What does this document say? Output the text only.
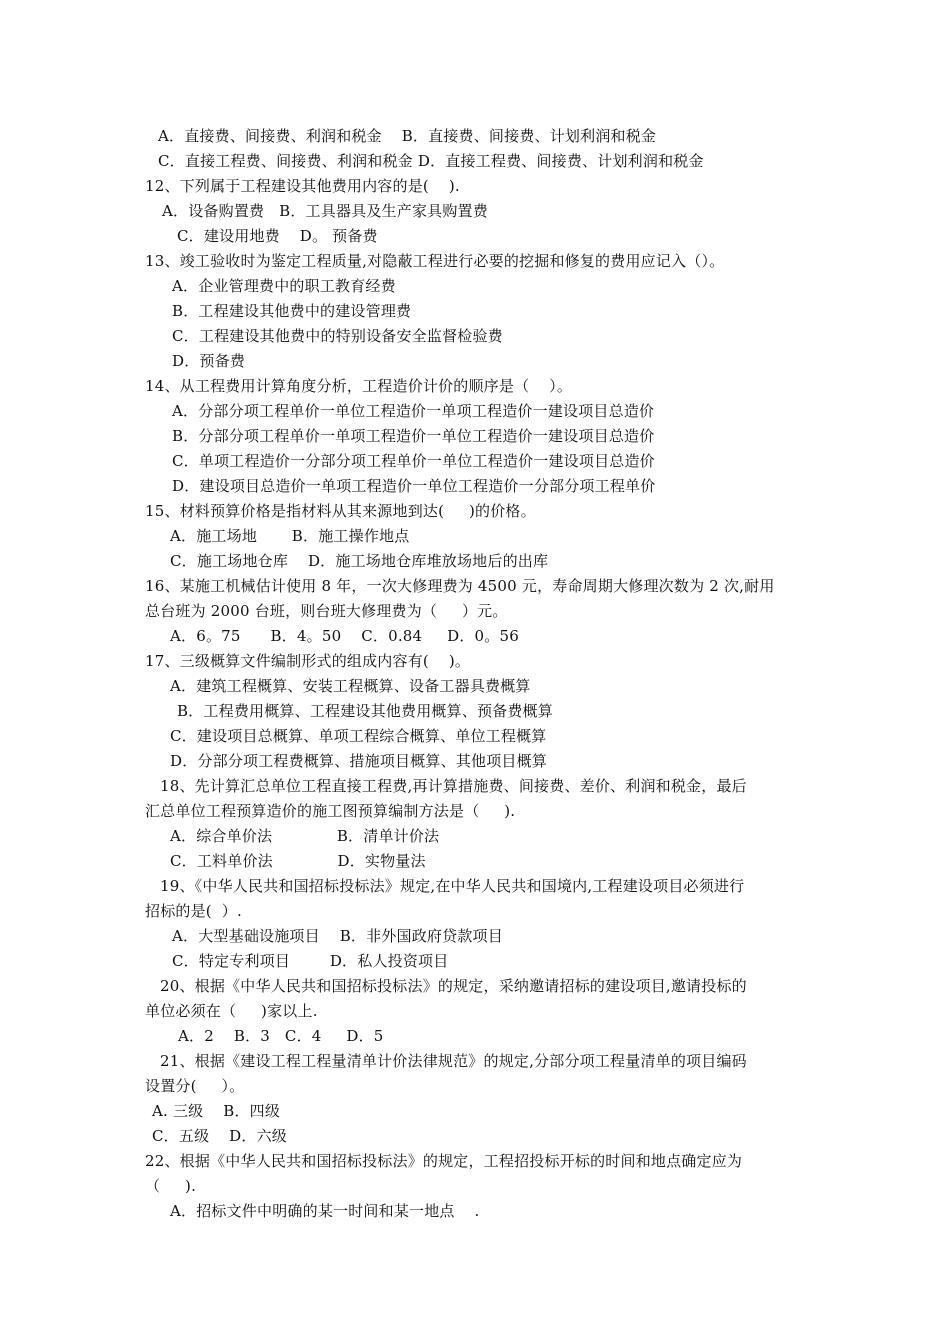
A．直接费、间接费、利润和税金    B．直接费、间接费、计划利润和税金
C．直接工程费、间接费、利润和税金 D．直接工程费、间接费、计划利润和税金
12、下列属于工程建设其他费用内容的是(    ).
A．设备购置费   B．工具器具及生产家具购置费
C．建设用地费    D。 预备费
13、竣工验收时为鉴定工程质量,对隐蔽工程进行必要的挖掘和修复的费用应记入（）。
A．企业管理费中的职工教育经费
B．工程建设其他费中的建设管理费
C．工程建设其他费中的特别设备安全监督检验费
D．预备费
14、从工程费用计算角度分析，工程造价计价的顺序是（    ）。
A．分部分项工程单价一单位工程造价一单项工程造价一建设项目总造价
B．分部分项工程单价一单项工程造价一单位工程造价一建设项目总造价
C．单项工程造价一分部分项工程单价一单位工程造价一建设项目总造价
D．建设项目总造价一单项工程造价一单位工程造价一分部分项工程单价
15、材料预算价格是指材料从其来源地到达(     )的价格。
A．施工场地       B．施工操作地点
C．施工场地仓库    D．施工场地仓库堆放场地后的出库
16、某施工机械估计使用 8 年，一次大修理费为 4500 元，寿命周期大修理次数为 2 次,耐用
总台班为 2000 台班，则台班大修理费为（     ）元。
A．6。75      B．4。50    C．0.84     D．0。56
17、三级概算文件编制形式的组成内容有(    )。
A．建筑工程概算、安装工程概算、设备工器具费概算
B．工程费用概算、工程建设其他费用概算、预备费概算
C．建设项目总概算、单项工程综合概算、单位工程概算
D．分部分项工程费概算、措施项目概算、其他项目概算
18、先计算汇总单位工程直接工程费,再计算措施费、间接费、差价、利润和税金，最后
汇总单位工程预算造价的施工图预算编制方法是（     ).
A．综合单价法             B．清单计价法
C．工料单价法             D．实物量法
19、《中华人民共和国招标投标法》规定,在中华人民共和国境内,工程建设项目必须进行
招标的是(  ）.
A．大型基础设施项目    B．非外国政府贷款项目
C．特定专利项目        D．私人投资项目
20、根据《中华人民共和国招标投标法》的规定，采纳邀请招标的建设项目,邀请投标的
单位必须在（     )家以上.
A．2    B．3   C．4     D．5
21、根据《建设工程工程量清单计价法律规范》的规定,分部分项工程量清单的项目编码
设置分(     ）。
A. 三级    B．四级
C．五级    D．六级
22、根据《中华人民共和国招标投标法》的规定，工程招投标开标的时间和地点确定应为
（     ).
A．招标文件中明确的某一时间和某一地点    .
